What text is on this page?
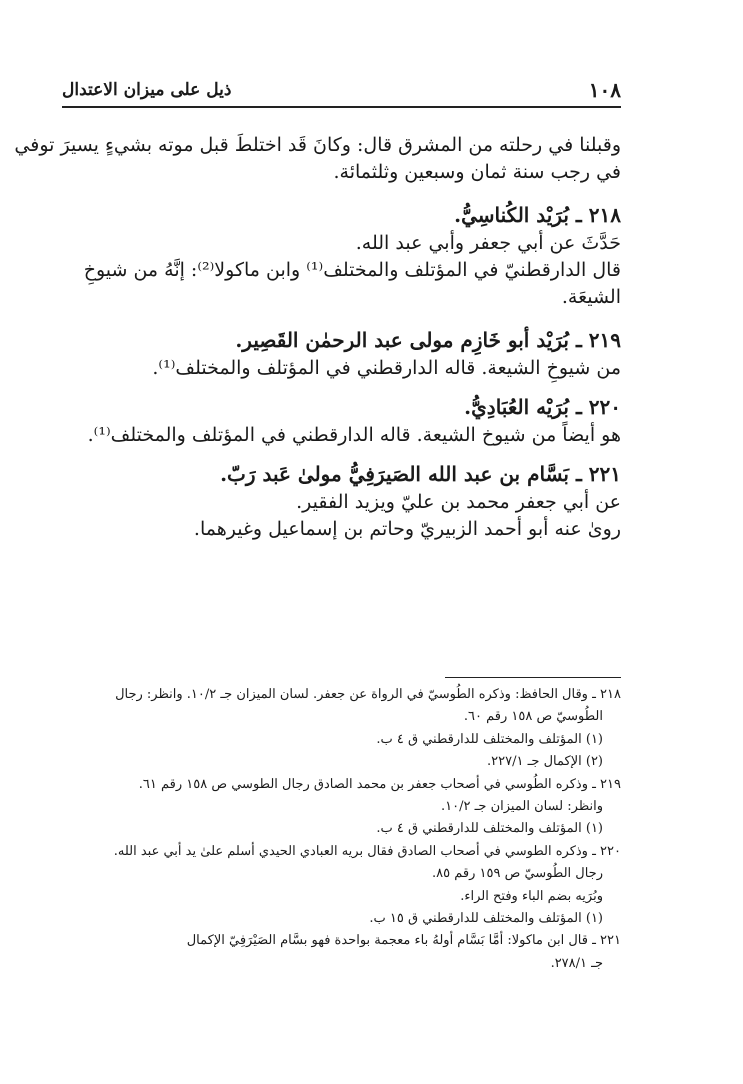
١٠٨
ذيل على ميزان الاعتدال
وقبلنا في رحلته من المشرق قال: وكانَ قَد اختلطَ قبل موته بشيءٍ يسيرَ توفي
في رجب سنة ثمان وسبعين وثلثمائة.
٢١٨ ـ بُرَيْد الكُناسِيُّ.
حَدَّثَ عن أبي جعفر وأبي عبد الله.
قال الدارقطنيّ في المؤتلف والمختلف⁽¹⁾ وابن ماكولا⁽²⁾: إنَّهُ من شيوخِ
الشيعَة.
٢١٩ ـ بُرَيْد أبو خَازِم مولى عبد الرحمٰن القَصِير.
من شيوخِ الشيعة. قاله الدارقطني في المؤتلف والمختلف⁽¹⁾.
٢٢٠ ـ بُرَيْه العُبَادِيُّ.
هو أيضاً من شيوخ الشيعة. قاله الدارقطني في المؤتلف والمختلف⁽¹⁾.
٢٢١ ـ بَسَّام بن عبد الله الصَيرَفِيُّ مولىٰ عَبد رَبّ.
عن أبي جعفر محمد بن عليّ ويزيد الفقير.
روىٰ عنه أبو أحمد الزبيريّ وحاتم بن إسماعيل وغيرهما.
٢١٨ ـ وقال الحافظ: وذكره الطُوسيّ في الرواة عن جعفر. لسان الميزان جـ ١٠/٢. وانظر: رجال
الطُوسيّ ص ١٥٨ رقم ٦٠.
(١) المؤتلف والمختلف للدارقطني ق ٤ ب.
(٢) الإكمال جـ ٢٢٧/١.
٢١٩ ـ وذكره الطُوسي في أصحاب جعفر بن محمد الصادق رجال الطوسي ص ١٥٨ رقم ٦١.
وانظر: لسان الميزان جـ ١٠/٢.
(١) المؤتلف والمختلف للدارقطني ق ٤ ب.
٢٢٠ ـ وذكره الطوسي في أصحاب الصادق فقال بريه العبادي الحيدي أسلم علىٰ يد أبي عبد الله.
رجال الطُوسيّ ص ١٥٩ رقم ٨٥.
وبُرَيه بضم الباء وفتح الراء.
(١) المؤتلف والمختلف للدارقطني ق ١٥ ب.
٢٢١ ـ قال ابن ماكولا: أمَّا بَسَّام أولهُ باء معجمة بواحدة فهو بسَّام الصَيْرَفِيّ الإكمال
جـ ٢٧٨/١.
